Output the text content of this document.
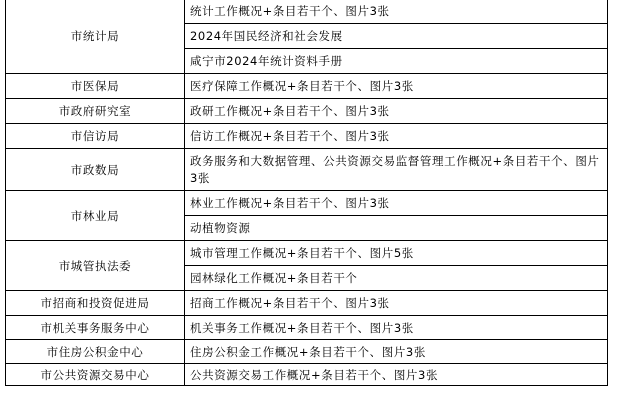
市统计局	统计工作概况+条目若干个、图片3张
	2024年国民经济和社会发展
	咸宁市2024年统计资料手册
市医保局	医疗保障工作概况+条目若干个、图片3张
市政府研究室	政研工作概况+条目若干个、图片3张
市信访局	信访工作概况+条目若干个、图片3张
市政数局	政务服务和大数据管理、公共资源交易监督管理工作概况+条目若干个、图片3张
市林业局	林业工作概况+条目若干个、图片3张
	动植物资源
市城管执法委	城市管理工作概况+条目若干个、图片5张
	园林绿化工作概况+条目若干个
市招商和投资促进局	招商工作概况+条目若干个、图片3张
市机关事务服务中心	机关事务工作概况+条目若干个、图片3张
市住房公积金中心	住房公积金工作概况+条目若干个、图片3张
市公共资源交易中心	公共资源交易工作概况+条目若干个、图片3张
